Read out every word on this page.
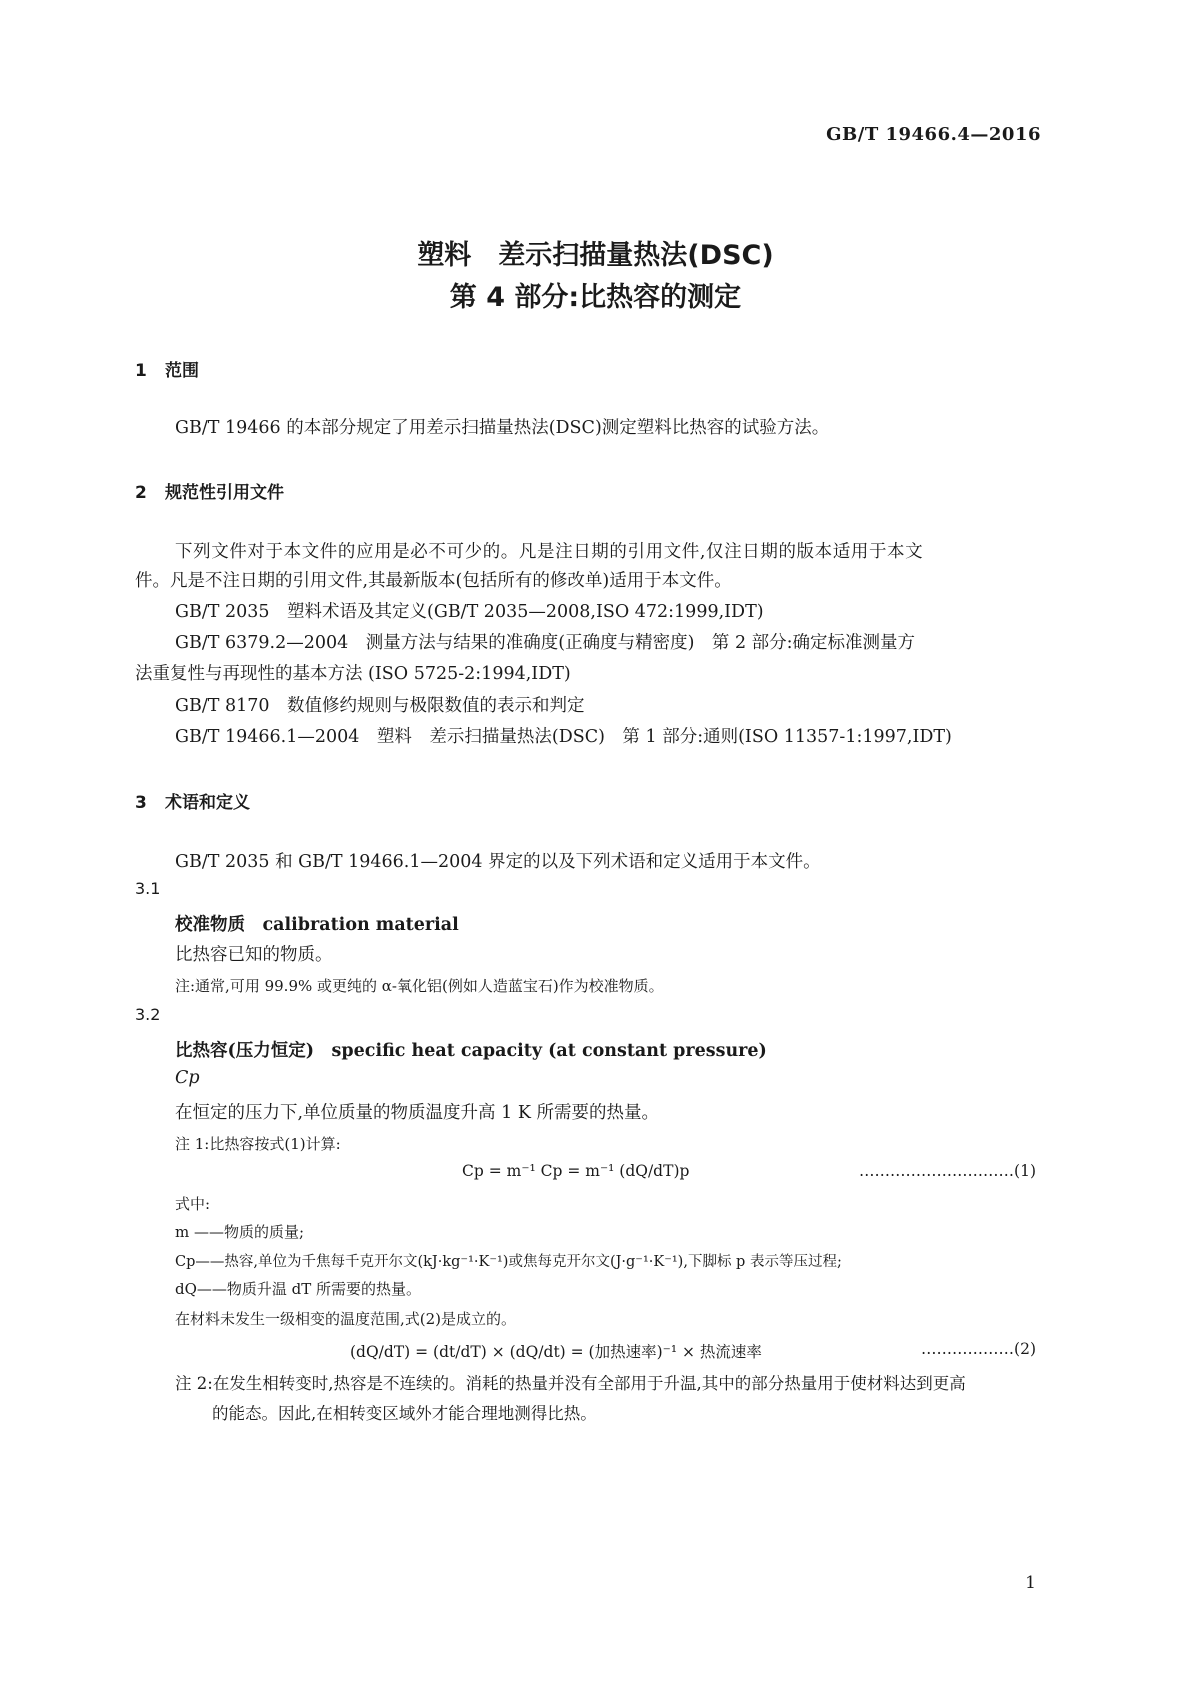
GB/T 19466.4—2016
塑料　差示扫描量热法(DSC)
第 4 部分:比热容的测定
1 范围
GB/T 19466 的本部分规定了用差示扫描量热法(DSC)测定塑料比热容的试验方法。
2 规范性引用文件
下列文件对于本文件的应用是必不可少的。凡是注日期的引用文件,仅注日期的版本适用于本文
件。凡是不注日期的引用文件,其最新版本(包括所有的修改单)适用于本文件。
GB/T 2035　塑料术语及其定义(GB/T 2035—2008,ISO 472:1999,IDT)
GB/T 6379.2—2004　测量方法与结果的准确度(正确度与精密度)　第 2 部分:确定标准测量方
法重复性与再现性的基本方法 (ISO 5725-2:1994,IDT)
GB/T 8170　数值修约规则与极限数值的表示和判定
GB/T 19466.1—2004　塑料　差示扫描量热法(DSC)　第 1 部分:通则(ISO 11357-1:1997,IDT)
3 术语和定义
GB/T 2035 和 GB/T 19466.1—2004 界定的以及下列术语和定义适用于本文件。
3.1
校准物质　calibration material
比热容已知的物质。
注:通常,可用 99.9% 或更纯的 α-氧化铝(例如人造蓝宝石)作为校准物质。
3.2
比热容(压力恒定)　specific heat capacity (at constant pressure)
Cp
在恒定的压力下,单位质量的物质温度升高 1 K 所需要的热量。
注 1:比热容按式(1)计算:
Cp = m⁻¹ Cp = m⁻¹ (dQ/dT)p	…………………………(1)
式中:
m ——物质的质量;
Cp——热容,单位为千焦每千克开尔文(kJ·kg⁻¹·K⁻¹)或焦每克开尔文(J·g⁻¹·K⁻¹),下脚标 p 表示等压过程;
dQ——物质升温 dT 所需要的热量。
在材料未发生一级相变的温度范围,式(2)是成立的。
(dQ/dT) = (dt/dT) × (dQ/dt) = (加热速率)⁻¹ × 热流速率	………………(2)
注 2:在发生相转变时,热容是不连续的。消耗的热量并没有全部用于升温,其中的部分热量用于使材料达到更高
的能态。因此,在相转变区域外才能合理地测得比热。
1
